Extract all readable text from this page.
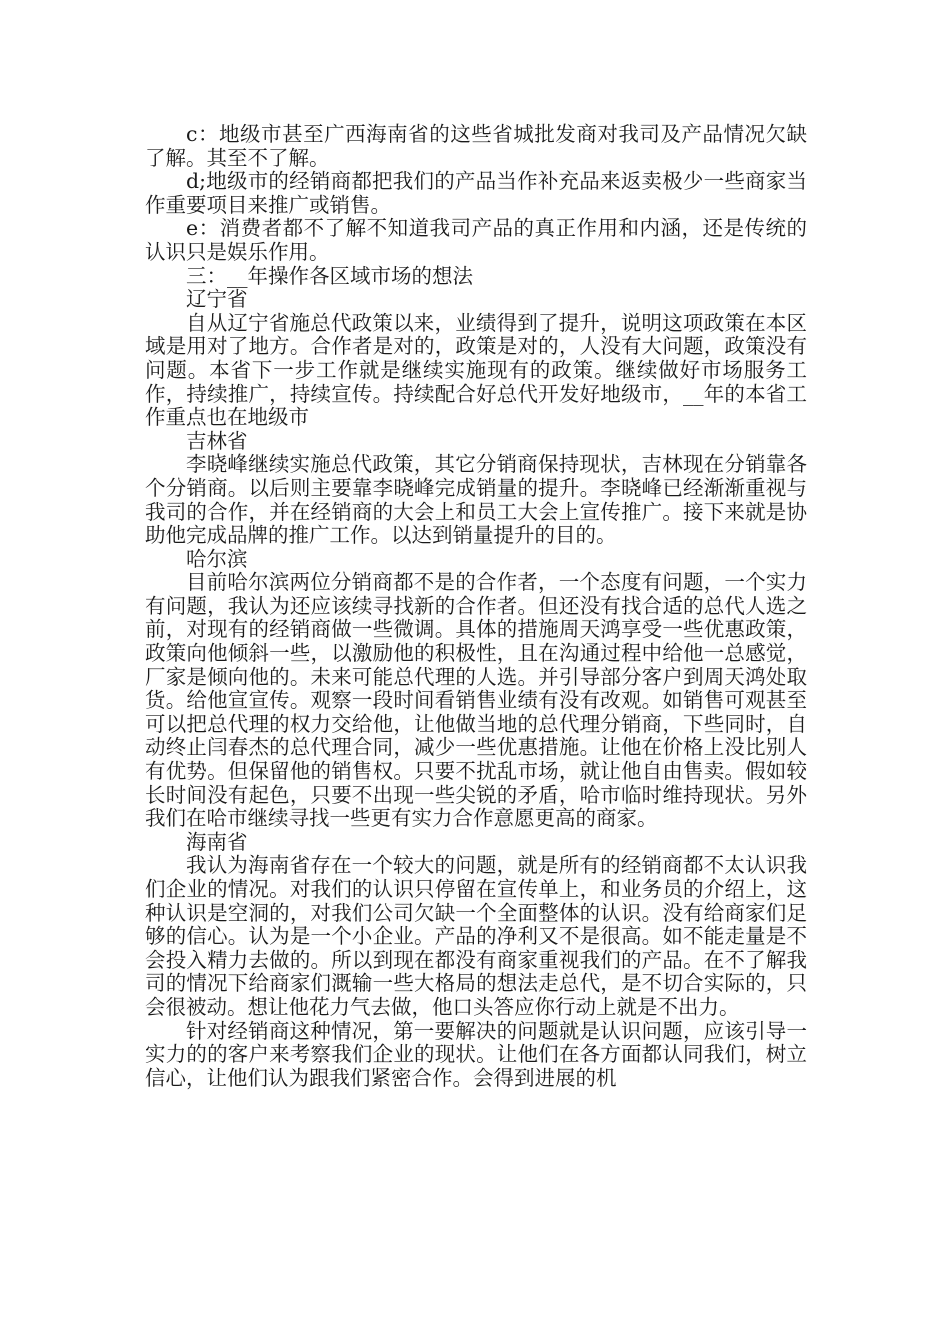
c：地级市甚至广西海南省的这些省城批发商对我司及产品情况欠缺了解。其至不了解。

d;地级市的经销商都把我们的产品当作补充品来返卖极少一些商家当作重要项目来推广或销售。

e：消费者都不了解不知道我司产品的真正作用和内涵，还是传统的认识只是娱乐作用。

三：__年操作各区域市场的想法

辽宁省

自从辽宁省施总代政策以来，业绩得到了提升，说明这项政策在本区域是用对了地方。合作者是对的，政策是对的，人没有大问题，政策没有问题。本省下一步工作就是继续实施现有的政策。继续做好市场服务工作，持续推广，持续宣传。持续配合好总代开发好地级市，__年的本省工作重点也在地级市

吉林省

李晓峰继续实施总代政策，其它分销商保持现状，吉林现在分销靠各个分销商。以后则主要靠李晓峰完成销量的提升。李晓峰已经渐渐重视与我司的合作，并在经销商的大会上和员工大会上宣传推广。接下来就是协助他完成品牌的推广工作。以达到销量提升的目的。

哈尔滨

目前哈尔滨两位分销商都不是的合作者，一个态度有问题，一个实力有问题，我认为还应该续寻找新的合作者。但还没有找合适的总代人选之前，对现有的经销商做一些微调。具体的措施周天鸿享受一些优惠政策，政策向他倾斜一些，以激励他的积极性，且在沟通过程中给他一总感觉，厂家是倾向他的。未来可能总代理的人选。并引导部分客户到周天鸿处取货。给他宣宣传。观察一段时间看销售业绩有没有改观。如销售可观甚至可以把总代理的权力交给他，让他做当地的总代理分销商，下些同时，自动终止闫春杰的总代理合同，减少一些优惠措施。让他在价格上没比别人有优势。但保留他的销售权。只要不扰乱市场，就让他自由售卖。假如较长时间没有起色，只要不出现一些尖锐的矛盾，哈市临时维持现状。另外我们在哈市继续寻找一些更有实力合作意愿更高的商家。

海南省

我认为海南省存在一个较大的问题，就是所有的经销商都不太认识我们企业的情况。对我们的认识只停留在宣传单上，和业务员的介绍上，这种认识是空洞的，对我们公司欠缺一个全面整体的认识。没有给商家们足够的信心。认为是一个小企业。产品的净利又不是很高。如不能走量是不会投入精力去做的。所以到现在都没有商家重视我们的产品。在不了解我司的情况下给商家们溉输一些大格局的想法走总代，是不切合实际的，只会很被动。想让他花力气去做，他口头答应你行动上就是不出力。

针对经销商这种情况，第一要解决的问题就是认识问题，应该引导一实力的的客户来考察我们企业的现状。让他们在各方面都认同我们，树立信心，让他们认为跟我们紧密合作。会得到进展的机
